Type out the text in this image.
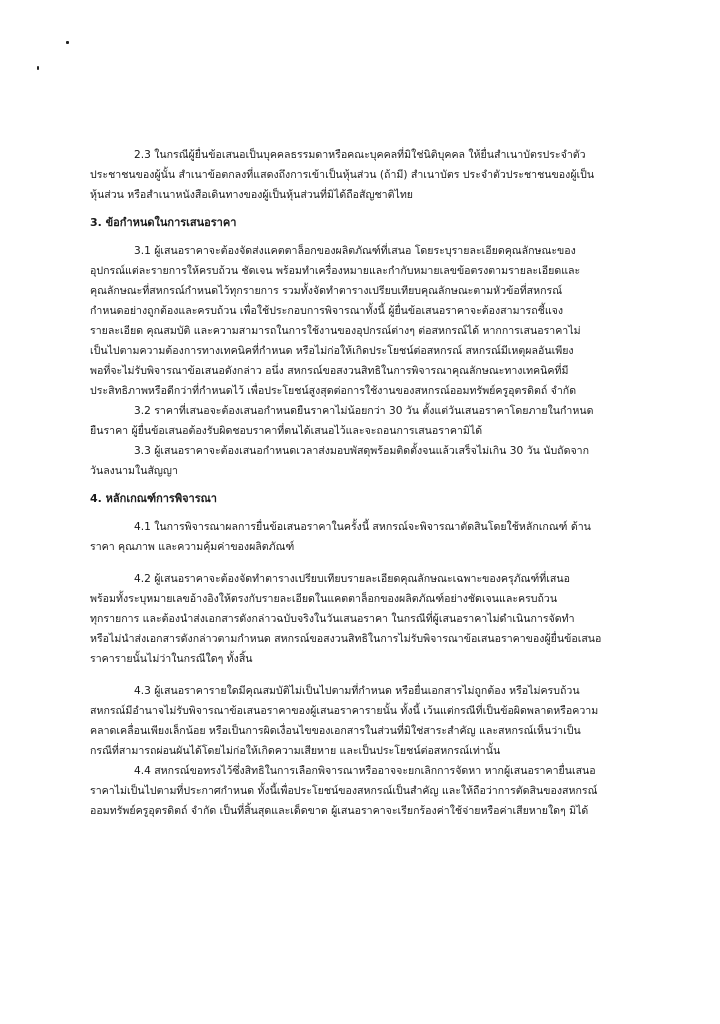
2.3 ในกรณีผู้ยื่นข้อเสนอเป็นบุคคลธรรมดาหรือคณะบุคคลที่มิใช่นิติบุคคล ให้ยื่นสำเนาบัตรประจำตัว
ประชาชนของผู้นั้น สำเนาข้อตกลงที่แสดงถึงการเข้าเป็นหุ้นส่วน (ถ้ามี) สำเนาบัตร ประจำตัวประชาชนของผู้เป็น
หุ้นส่วน หรือสำเนาหนังสือเดินทางของผู้เป็นหุ้นส่วนที่มิได้ถือสัญชาติไทย
3. ข้อกำหนดในการเสนอราคา
3.1 ผู้เสนอราคาจะต้องจัดส่งแคตตาล็อกของผลิตภัณฑ์ที่เสนอ โดยระบุรายละเอียดคุณลักษณะของ
อุปกรณ์แต่ละรายการให้ครบถ้วน ชัดเจน พร้อมทำเครื่องหมายและกำกับหมายเลขข้อตรงตามรายละเอียดและ
คุณลักษณะที่สหกรณ์กำหนดไว้ทุกรายการ รวมทั้งจัดทำตารางเปรียบเทียบคุณลักษณะตามหัวข้อที่สหกรณ์
กำหนดอย่างถูกต้องและครบถ้วน เพื่อใช้ประกอบการพิจารณาทั้งนี้ ผู้ยื่นข้อเสนอราคาจะต้องสามารถชี้แจง
รายละเอียด คุณสมบัติ และความสามารถในการใช้งานของอุปกรณ์ต่างๆ ต่อสหกรณ์ได้ หากการเสนอราคาไม่
เป็นไปตามความต้องการทางเทคนิคที่กำหนด หรือไม่ก่อให้เกิดประโยชน์ต่อสหกรณ์ สหกรณ์มีเหตุผลอันเพียง
พอที่จะไม่รับพิจารณาข้อเสนอดังกล่าว อนึ่ง สหกรณ์ขอสงวนสิทธิในการพิจารณาคุณลักษณะทางเทคนิคที่มี
ประสิทธิภาพหรือดีกว่าที่กำหนดไว้ เพื่อประโยชน์สูงสุดต่อการใช้งานของสหกรณ์ออมทรัพย์ครูอุตรดิตถ์ จำกัด
3.2 ราคาที่เสนอจะต้องเสนอกำหนดยืนราคาไม่น้อยกว่า 30 วัน ตั้งแต่วันเสนอราคาโดยภายในกำหนด
ยืนราคา ผู้ยื่นข้อเสนอต้องรับผิดชอบราคาที่ตนได้เสนอไว้และจะถอนการเสนอราคามิได้
3.3 ผู้เสนอราคาจะต้องเสนอกำหนดเวลาส่งมอบพัสดุพร้อมติดตั้งจนแล้วเสร็จไม่เกิน 30 วัน นับถัดจาก
วันลงนามในสัญญา
4. หลักเกณฑ์การพิจารณา
4.1 ในการพิจารณาผลการยื่นข้อเสนอราคาในครั้งนี้ สหกรณ์จะพิจารณาตัดสินโดยใช้หลักเกณฑ์ ด้าน
ราคา คุณภาพ และความคุ้มค่าของผลิตภัณฑ์
4.2 ผู้เสนอราคาจะต้องจัดทำตารางเปรียบเทียบรายละเอียดคุณลักษณะเฉพาะของครุภัณฑ์ที่เสนอ
พร้อมทั้งระบุหมายเลขอ้างอิงให้ตรงกับรายละเอียดในแคตตาล็อกของผลิตภัณฑ์อย่างชัดเจนและครบถ้วน
ทุกรายการ และต้องนำส่งเอกสารดังกล่าวฉบับจริงในวันเสนอราคา ในกรณีที่ผู้เสนอราคาไม่ดำเนินการจัดทำ
หรือไม่นำส่งเอกสารดังกล่าวตามกำหนด สหกรณ์ขอสงวนสิทธิในการไม่รับพิจารณาข้อเสนอราคาของผู้ยื่นข้อเสนอ
ราคารายนั้นไม่ว่าในกรณีใดๆ ทั้งสิ้น
4.3 ผู้เสนอราคารายใดมีคุณสมบัติไม่เป็นไปตามที่กำหนด หรือยื่นเอกสารไม่ถูกต้อง หรือไม่ครบถ้วน
สหกรณ์มีอำนาจไม่รับพิจารณาข้อเสนอราคาของผู้เสนอราคารายนั้น ทั้งนี้ เว้นแต่กรณีที่เป็นข้อผิดพลาดหรือความ
คลาดเคลื่อนเพียงเล็กน้อย หรือเป็นการผิดเงื่อนไขของเอกสารในส่วนที่มิใช่สาระสำคัญ และสหกรณ์เห็นว่าเป็น
กรณีที่สามารถผ่อนผันได้โดยไม่ก่อให้เกิดความเสียหาย และเป็นประโยชน์ต่อสหกรณ์เท่านั้น
4.4 สหกรณ์ขอทรงไว้ซึ่งสิทธิในการเลือกพิจารณาหรืออาจจะยกเลิกการจัดหา หากผู้เสนอราคายื่นเสนอ
ราคาไม่เป็นไปตามที่ประกาศกำหนด ทั้งนี้เพื่อประโยชน์ของสหกรณ์เป็นสำคัญ และให้ถือว่าการตัดสินของสหกรณ์
ออมทรัพย์ครูอุตรดิตถ์ จำกัด เป็นที่สิ้นสุดและเด็ดขาด ผู้เสนอราคาจะเรียกร้องค่าใช้จ่ายหรือค่าเสียหายใดๆ มิได้
